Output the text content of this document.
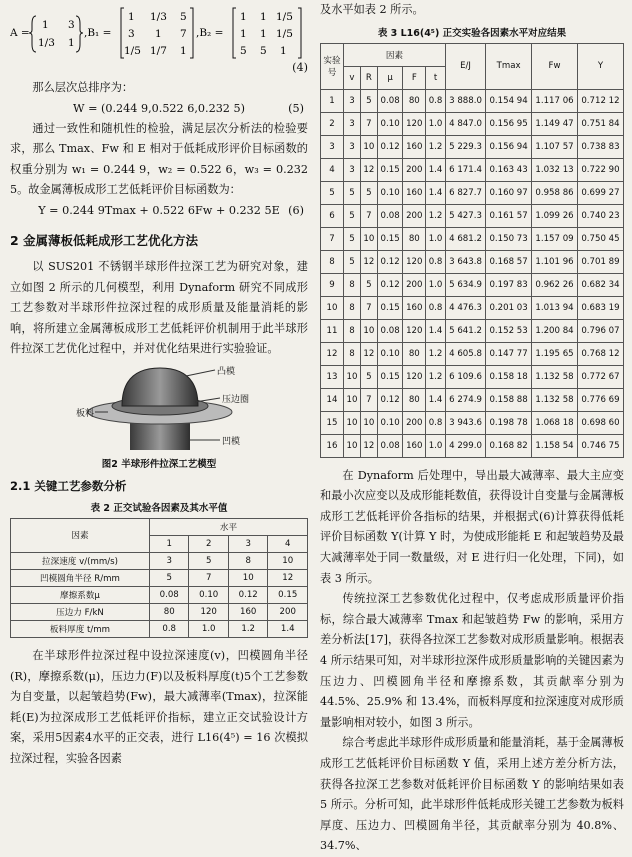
A =
1 3
1/3 1
,B₁ =
1 1/3 5
3 1 7
1/5 1/7 1
,B₂ =
1 1 1/5
1 1 1/5
5 5 1
(4)

那么层次总排序为：

W = (0.244 9,0.522 6,0.232 5)	(5)

通过一致性和随机性的检验，满足层次分析法的检验要求，那么 Tmax、Fw 和 E 相对于低耗成形评价目标函数的权重分别为 w₁ = 0.244 9，w₂ = 0.522 6，w₃ = 0.232 5。故金属薄板成形工艺低耗评价目标函数为：

Y = 0.244 9Tmax + 0.522 6Fw + 0.232 5E (6)
2 金属薄板低耗成形工艺优化方法

以 SUS201 不锈钢半球形件拉深工艺为研究对象，建立如图 2 所示的几何模型，利用 Dynaform 研究不同成形工艺参数对半球形件拉深过程的成形质量及能量消耗的影响，将所建立金属薄板成形工艺低耗评价机制用于此半球形件拉深工艺优化过程中，并对优化结果进行实验验证。

凸模
压边圈
板料
凹模
图2 半球形件拉深工艺模型
2.1 关键工艺参数分析
表 2 正交试验各因素及其水平值
因素	水平			
	1	2	3	4
拉深速度 v/(mm/s)	3	5	8	10
凹模圆角半径 R/mm	5	7	10	12
摩擦系数μ	0.08	0.10	0.12	0.15
压边力 F/kN	80	120	160	200
板料厚度 t/mm	0.8	1.0	1.2	1.4

在半球形件拉深过程中设拉深速度(v)，凹模圆角半径(R)，摩擦系数(μ)，压边力(F)以及板料厚度(t)5个工艺参数为自变量，以起皱趋势(Fw)，最大减薄率(Tmax)，拉深能耗(E)为拉深成形工艺低耗评价指标，建立正交试验设计方案，采用5因素4水平的正交表，进行 L16(4⁵) = 16 次模拟拉深过程，实验各因素

及水平如表 2 所示。

表 3 L16(4⁵) 正交实验各因素水平对应结果
实验号	因素					E/J	Tmax	Fw	Y
	v	R	μ	F	t				
1	3	5	0.08	80	0.8	3 888.0	0.154 94	1.117 06	0.712 12
2	3	7	0.10	120	1.0	4 847.0	0.156 95	1.149 47	0.751 84
3	3	10	0.12	160	1.2	5 229.3	0.156 94	1.107 57	0.738 83
4	3	12	0.15	200	1.4	6 171.4	0.163 43	1.032 13	0.722 90
5	5	5	0.10	160	1.4	6 827.7	0.160 97	0.958 86	0.699 27
6	5	7	0.08	200	1.2	5 427.3	0.161 57	1.099 26	0.740 23
7	5	10	0.15	80	1.0	4 681.2	0.150 73	1.157 09	0.750 45
8	5	12	0.12	120	0.8	3 643.8	0.168 57	1.101 96	0.701 89
9	8	5	0.12	200	1.0	5 634.9	0.197 83	0.962 26	0.682 34
10	8	7	0.15	160	0.8	4 476.3	0.201 03	1.013 94	0.683 19
11	8	10	0.08	120	1.4	5 641.2	0.152 53	1.200 84	0.796 07
12	8	12	0.10	80	1.2	4 605.8	0.147 77	1.195 65	0.768 12
13	10	5	0.15	120	1.2	6 109.6	0.158 18	1.132 58	0.772 67
14	10	7	0.12	80	1.4	6 274.9	0.158 88	1.132 58	0.776 69
15	10	10	0.10	200	0.8	3 943.6	0.198 78	1.068 18	0.698 60
16	10	12	0.08	160	1.0	4 299.0	0.168 82	1.158 54	0.746 75

在 Dynaform 后处理中，导出最大减薄率、最大主应变和最小次应变以及成形能耗数值，获得设计自变量与金属薄板成形工艺低耗评价各指标的结果，并根据式(6)计算获得低耗评价目标函数 Y(计算 Y 时，为使成形能耗 E 和起皱趋势及最大减薄率处于同一数量级，对 E 进行归一化处理，下同)，如表 3 所示。

传统拉深工艺参数优化过程中，仅考虑成形质量评价指标，综合最大减薄率 Tmax 和起皱趋势 Fw 的影响，采用方差分析法[17]，获得各拉深工艺参数对成形质量影响。根据表 4 所示结果可知，对半球形拉深件成形质量影响的关键因素为压边力、凹模圆角半径和摩擦系数，其贡献率分别为 44.5%、25.9% 和 13.4%，而板料厚度和拉深速度对成形质量影响相对较小，如图 3 所示。

综合考虑此半球形件成形质量和能量消耗，基于金属薄板成形工艺低耗评价目标函数 Y 值，采用上述方差分析方法，获得各拉深工艺参数对低耗评价目标函数 Y 的影响结果如表 5 所示。分析可知，此半球形件低耗成形关键工艺参数为板料厚度、压边力、凹模圆角半径，其贡献率分别为 40.8%、34.7%、
